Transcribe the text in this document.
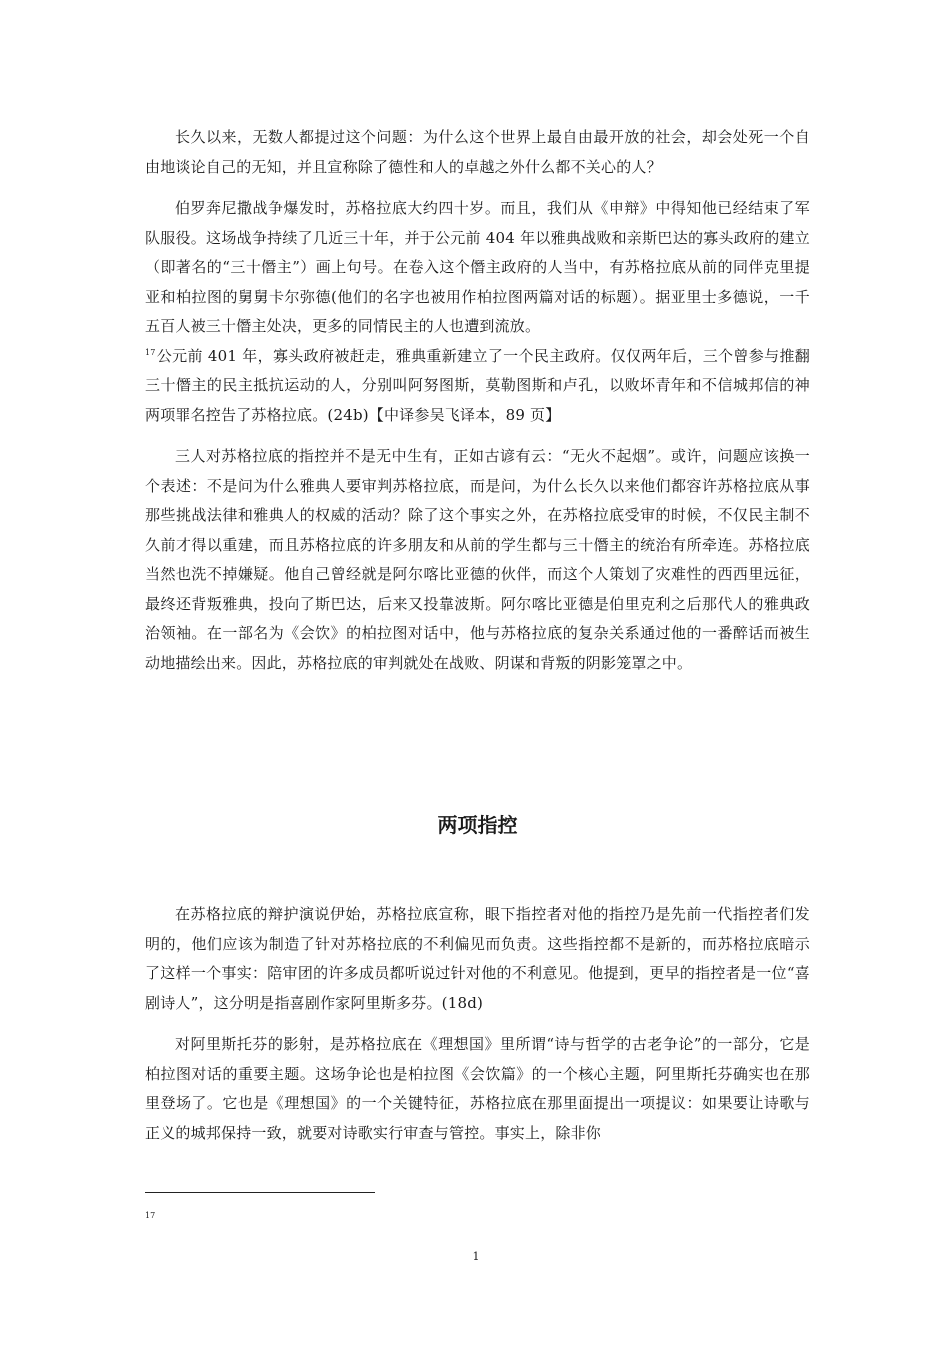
长久以来，无数人都提过这个问题：为什么这个世界上最自由最开放的社会，却会处死一个自由地谈论自己的无知，并且宣称除了德性和人的卓越之外什么都不关心的人？

伯罗奔尼撒战争爆发时，苏格拉底大约四十岁。而且，我们从《申辩》中得知他已经结束了军队服役。这场战争持续了几近三十年，并于公元前 404 年以雅典战败和亲斯巴达的寡头政府的建立（即著名的“三十僭主”）画上句号。在卷入这个僭主政府的人当中，有苏格拉底从前的同伴克里提亚和柏拉图的舅舅卡尔弥德(他们的名字也被用作柏拉图两篇对话的标题）。据亚里士多德说，一千五百人被三十僭主处决，更多的同情民主的人也遭到流放。

$^{17}$公元前 401 年，寡头政府被赶走，雅典重新建立了一个民主政府。仅仅两年后，三个曾参与推翻三十僭主的民主抵抗运动的人，分别叫阿努图斯，莫勒图斯和卢孔，以败坏青年和不信城邦信的神两项罪名控告了苏格拉底。(24b)【中译参吴飞译本，89 页】

三人对苏格拉底的指控并不是无中生有，正如古谚有云：“无火不起烟”。或许，问题应该换一个表述：不是问为什么雅典人要审判苏格拉底，而是问，为什么长久以来他们都容许苏格拉底从事那些挑战法律和雅典人的权威的活动？除了这个事实之外，在苏格拉底受审的时候，不仅民主制不久前才得以重建，而且苏格拉底的许多朋友和从前的学生都与三十僭主的统治有所牵连。苏格拉底当然也洗不掉嫌疑。他自己曾经就是阿尔喀比亚德的伙伴，而这个人策划了灾难性的西西里远征，最终还背叛雅典，投向了斯巴达，后来又投靠波斯。阿尔喀比亚德是伯里克利之后那代人的雅典政治领袖。在一部名为《会饮》的柏拉图对话中，他与苏格拉底的复杂关系通过他的一番醉话而被生动地描绘出来。因此，苏格拉底的审判就处在战败、阴谋和背叛的阴影笼罩之中。

两项指控

在苏格拉底的辩护演说伊始，苏格拉底宣称，眼下指控者对他的指控乃是先前一代指控者们发明的，他们应该为制造了针对苏格拉底的不利偏见而负责。这些指控都不是新的，而苏格拉底暗示了这样一个事实：陪审团的许多成员都听说过针对他的不利意见。他提到，更早的指控者是一位“喜剧诗人”，这分明是指喜剧作家阿里斯多芬。(18d)

对阿里斯托芬的影射，是苏格拉底在《理想国》里所谓“诗与哲学的古老争论”的一部分，它是柏拉图对话的重要主题。这场争论也是柏拉图《会饮篇》的一个核心主题，阿里斯托芬确实也在那里登场了。它也是《理想国》的一个关键特征，苏格拉底在那里面提出一项提议：如果要让诗歌与正义的城邦保持一致，就要对诗歌实行审查与管控。事实上，除非你

17
1
